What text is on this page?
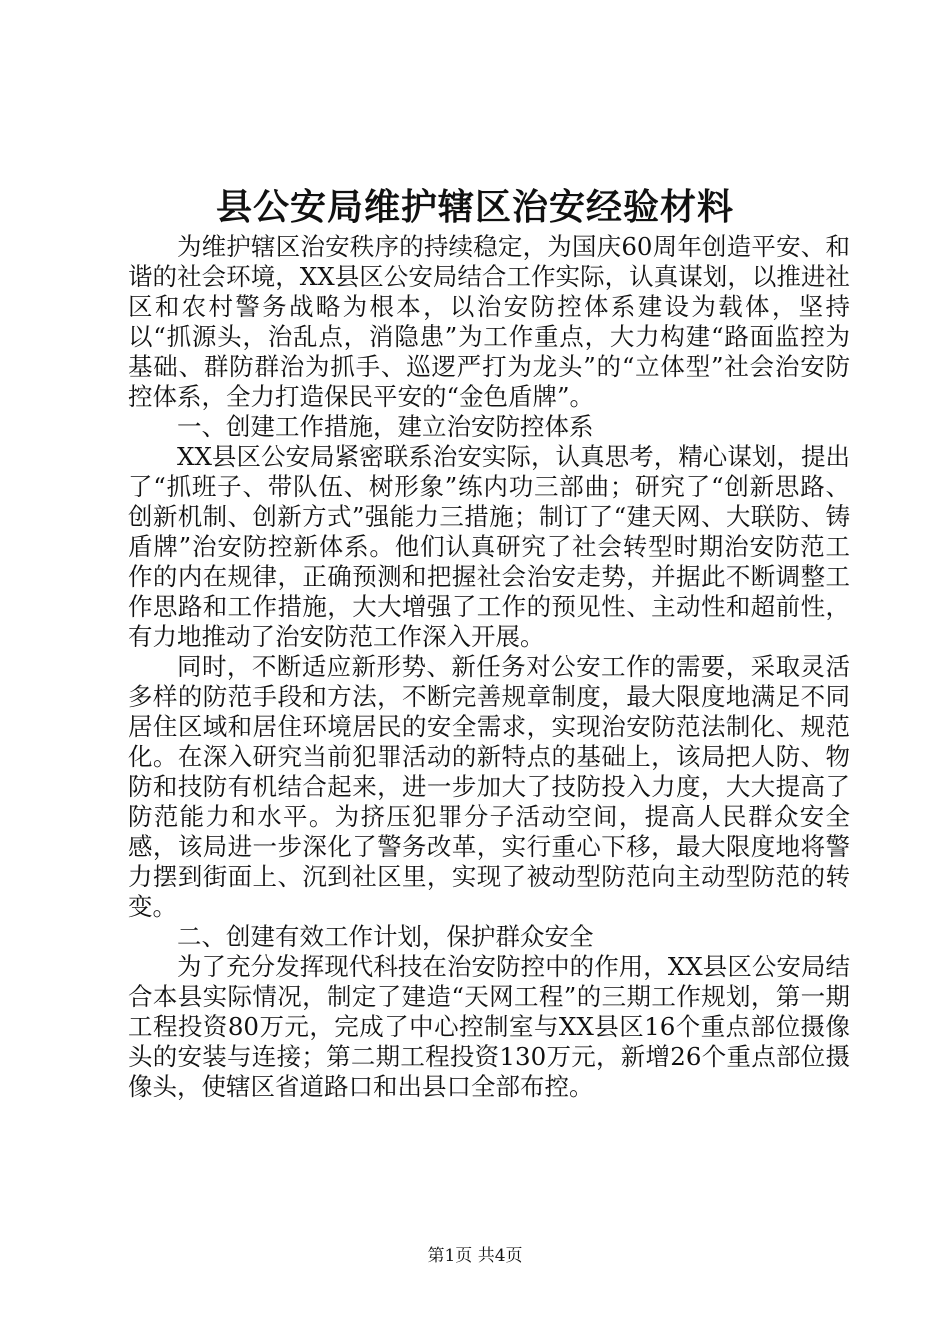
县公安局维护辖区治安经验材料

为维护辖区治安秩序的持续稳定，为国庆60周年创造平安、和谐的社会环境，XX县区公安局结合工作实际，认真谋划，以推进社区和农村警务战略为根本，以治安防控体系建设为载体，坚持以“抓源头，治乱点，消隐患”为工作重点，大力构建“路面监控为基础、群防群治为抓手、巡逻严打为龙头”的“立体型”社会治安防控体系，全力打造保民平安的“金色盾牌”。

一、创建工作措施，建立治安防控体系

XX县区公安局紧密联系治安实际，认真思考，精心谋划，提出了“抓班子、带队伍、树形象”练内功三部曲；研究了“创新思路、创新机制、创新方式”强能力三措施；制订了“建天网、大联防、铸盾牌”治安防控新体系。他们认真研究了社会转型时期治安防范工作的内在规律，正确预测和把握社会治安走势，并据此不断调整工作思路和工作措施，大大增强了工作的预见性、主动性和超前性，有力地推动了治安防范工作深入开展。

同时，不断适应新形势、新任务对公安工作的需要，采取灵活多样的防范手段和方法，不断完善规章制度，最大限度地满足不同居住区域和居住环境居民的安全需求，实现治安防范法制化、规范化。在深入研究当前犯罪活动的新特点的基础上，该局把人防、物防和技防有机结合起来，进一步加大了技防投入力度，大大提高了防范能力和水平。为挤压犯罪分子活动空间，提高人民群众安全感，该局进一步深化了警务改革，实行重心下移，最大限度地将警力摆到街面上、沉到社区里，实现了被动型防范向主动型防范的转变。

二、创建有效工作计划，保护群众安全

为了充分发挥现代科技在治安防控中的作用，XX县区公安局结合本县实际情况，制定了建造“天网工程”的三期工作规划，第一期工程投资80万元，完成了中心控制室与XX县区16个重点部位摄像头的安装与连接；第二期工程投资130万元，新增26个重点部位摄像头，使辖区省道路口和出县口全部布控。

第1页 共4页
